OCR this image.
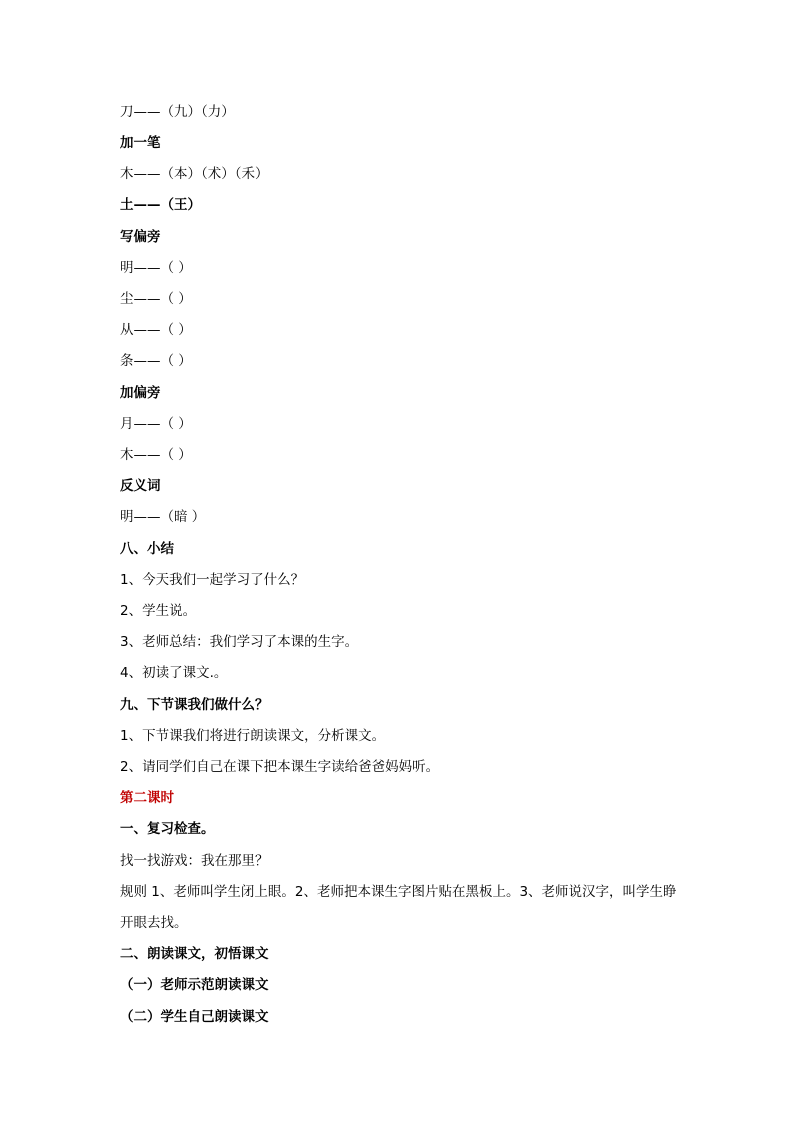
刀——（九）（力）
加一笔
木——（本）（术）（禾）
土——（王）
写偏旁
明——（ ）
尘——（ ）
从——（ ）
条——（ ）
加偏旁
月——（ ）
木——（ ）
反义词
明——（暗 ）
八、小结
1、今天我们一起学习了什么？
2、学生说。
3、老师总结：我们学习了本课的生字。
4、初读了课文.。
九、下节课我们做什么？
1、下节课我们将进行朗读课文，分析课文。
2、请同学们自己在课下把本课生字读给爸爸妈妈听。
第二课时
一、复习检查。
找一找游戏：我在那里？
规则 1、老师叫学生闭上眼。2、老师把本课生字图片贴在黑板上。3、老师说汉字，叫学生睁开眼去找。
二、朗读课文，初悟课文
（一）老师示范朗读课文
（二）学生自己朗读课文
